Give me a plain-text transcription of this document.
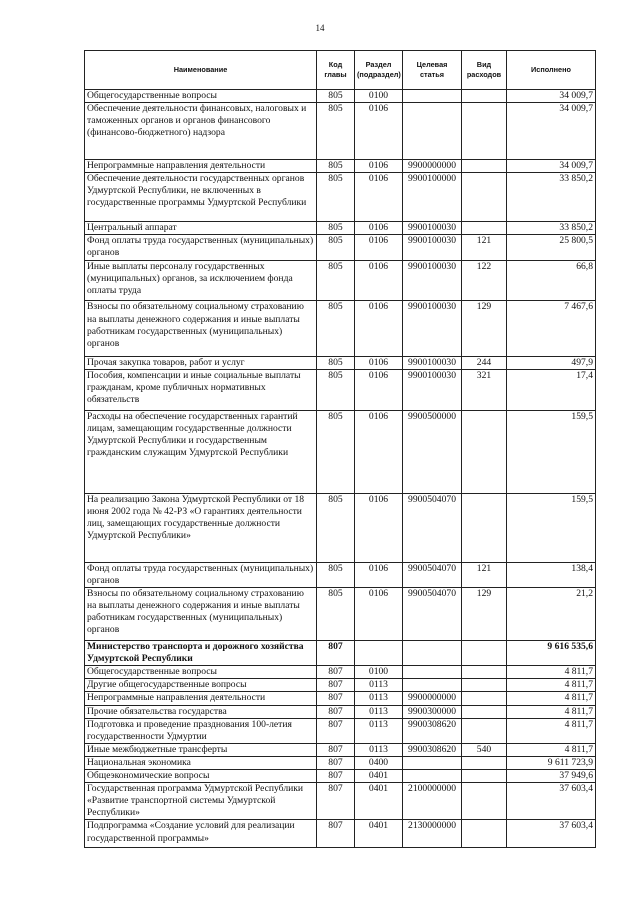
14
Наименование	Код главы	Раздел (подраздел)	Целевая статья	Вид расходов	Исполнено
Общегосударственные вопросы	805	0100			34 009,7
Обеспечение деятельности финансовых, налоговых и таможенных органов и органов финансового (финансово-бюджетного) надзора	805	0106			34 009,7
Непрограммные направления деятельности	805	0106	9900000000		34 009,7
Обеспечение деятельности государственных органов Удмуртской Республики, не включенных в государственные программы Удмуртской Республики	805	0106	9900100000		33 850,2
Центральный аппарат	805	0106	9900100030		33 850,2
Фонд оплаты труда государственных (муниципальных) органов	805	0106	9900100030	121	25 800,5
Иные выплаты персоналу государственных (муниципальных) органов, за исключением фонда оплаты труда	805	0106	9900100030	122	66,8
Взносы по обязательному социальному страхованию на выплаты денежного содержания и иные выплаты работникам государственных (муниципальных) органов	805	0106	9900100030	129	7 467,6
Прочая закупка товаров, работ и услуг	805	0106	9900100030	244	497,9
Пособия, компенсации и иные социальные выплаты гражданам, кроме публичных нормативных обязательств	805	0106	9900100030	321	17,4
Расходы на обеспечение государственных гарантий лицам, замещающим государственные должности Удмуртской Республики и государственным гражданским служащим Удмуртской Республики	805	0106	9900500000		159,5
На реализацию Закона Удмуртской Республики от 18 июня 2002 года № 42-РЗ «О гарантиях деятельности лиц, замещающих государственные должности Удмуртской Республики»	805	0106	9900504070		159,5
Фонд оплаты труда государственных (муниципальных) органов	805	0106	9900504070	121	138,4
Взносы по обязательному социальному страхованию на выплаты денежного содержания и иные выплаты работникам государственных (муниципальных) органов	805	0106	9900504070	129	21,2
Министерство транспорта и дорожного хозяйства Удмуртской Республики	807				9 616 535,6
Общегосударственные вопросы	807	0100			4 811,7
Другие общегосударственные вопросы	807	0113			4 811,7
Непрограммные направления деятельности	807	0113	9900000000		4 811,7
Прочие обязательства государства	807	0113	9900300000		4 811,7
Подготовка и проведение празднования 100-летия государственности Удмуртии	807	0113	9900308620		4 811,7
Иные межбюджетные трансферты	807	0113	9900308620	540	4 811,7
Национальная экономика	807	0400			9 611 723,9
Общеэкономические вопросы	807	0401			37 949,6
Государственная программа Удмуртской Республики «Развитие транспортной системы Удмуртской Республики»	807	0401	2100000000		37 603,4
Подпрограмма «Создание условий для реализации государственной программы»	807	0401	2130000000		37 603,4
